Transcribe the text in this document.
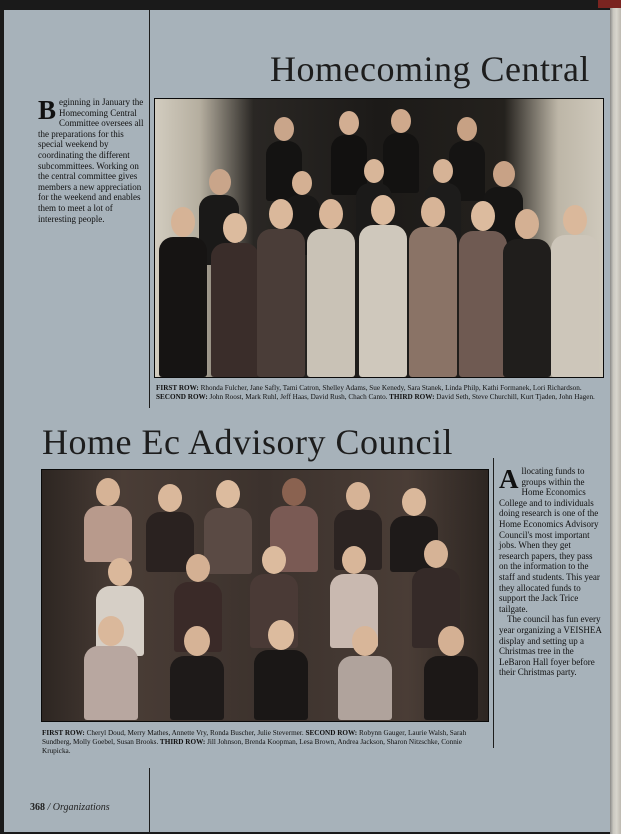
Homecoming Central
Beginning in January the Homecoming Central Committee oversees all the preparations for this special weekend by coordinating the different subcommittees. Working on the central committee gives members a new appreciation for the weekend and enables them to meet a lot of interesting people.
FIRST ROW: Rhonda Fulcher, Jane Safly, Tami Catron, Shelley Adams, Sue Kenedy, Sara Stanek, Linda Philp, Kathi Formanek, Lori Richardson. SECOND ROW: John Roost, Mark Ruhl, Jeff Haas, David Rush, Chach Canto. THIRD ROW: David Seth, Steve Churchill, Kurt Tjaden, John Hagen.
Home Ec Advisory Council
Allocating funds to groups within the Home Economics College and to individuals doing research is one of the Home Economics Advisory Council's most important jobs. When they get research papers, they pass on the information to the staff and students. This year they allocated funds to support the Jack Trice tailgate.
The council has fun every year organizing a VEISHEA display and setting up a Christmas tree in the LeBaron Hall foyer before their Christmas party.
FIRST ROW: Cheryl Doud, Merry Mathes, Annette Vry, Ronda Buscher, Julie Stevermer. SECOND ROW: Robynn Gauger, Laurie Walsh, Sarah Sundberg, Molly Goebel, Susan Brooks. THIRD ROW: Jill Johnson, Brenda Koopman, Lesa Brown, Andrea Jackson, Sharon Nitzschke, Connie Krupicka.
368 / Organizations
